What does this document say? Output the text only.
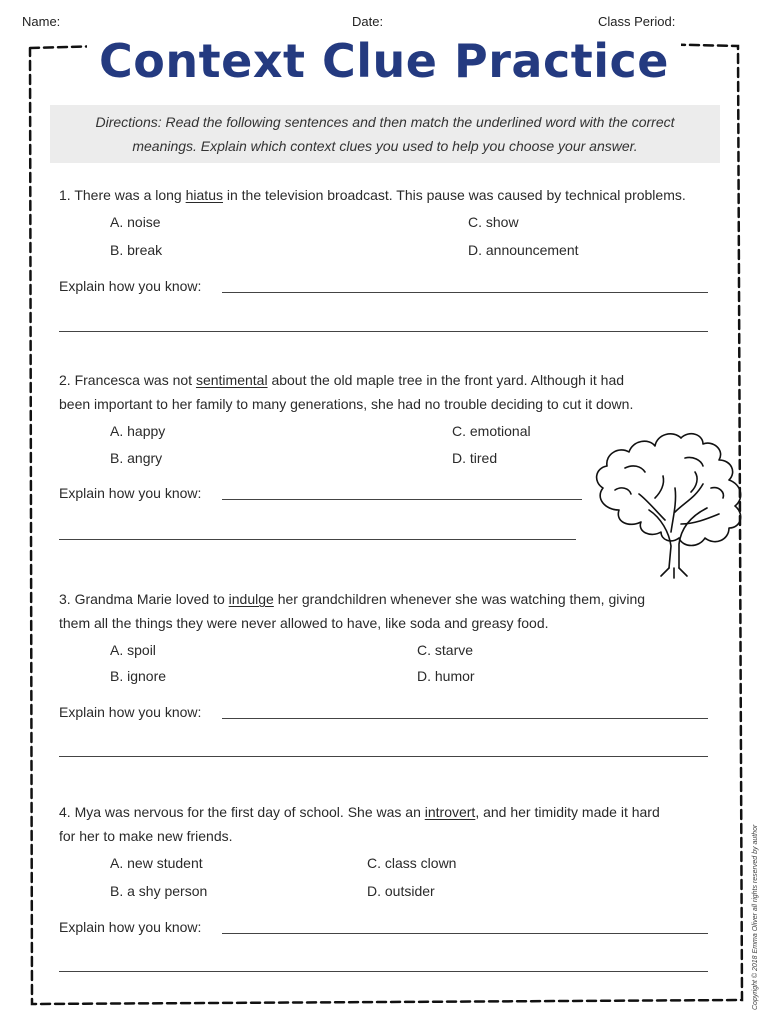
Name:	Date:	Class Period:
Context Clue Practice
Directions: Read the following sentences and then match the underlined word with the correct
meanings. Explain which context clues you used to help you choose your answer.
1. There was a long hiatus in the television broadcast. This pause was caused by technical problems.
A. noise	C. show
B. break	D. announcement
Explain how you know:
2. Francesca was not sentimental about the old maple tree in the front yard. Although it had
been important to her family to many generations, she had no trouble deciding to cut it down.
A. happy	C. emotional
B. angry	D. tired
Explain how you know:
3. Grandma Marie loved to indulge her grandchildren whenever she was watching them, giving
them all the things they were never allowed to have, like soda and greasy food.
A. spoil	C. starve
B. ignore	D. humor
Explain how you know:
4. Mya was nervous for the first day of school. She was an introvert, and her timidity made it hard
for her to make new friends.
A. new student	C. class clown
B. a shy person	D. outsider
Explain how you know:	Copyright © 2018 Emma Oliver all rights reserved by author
